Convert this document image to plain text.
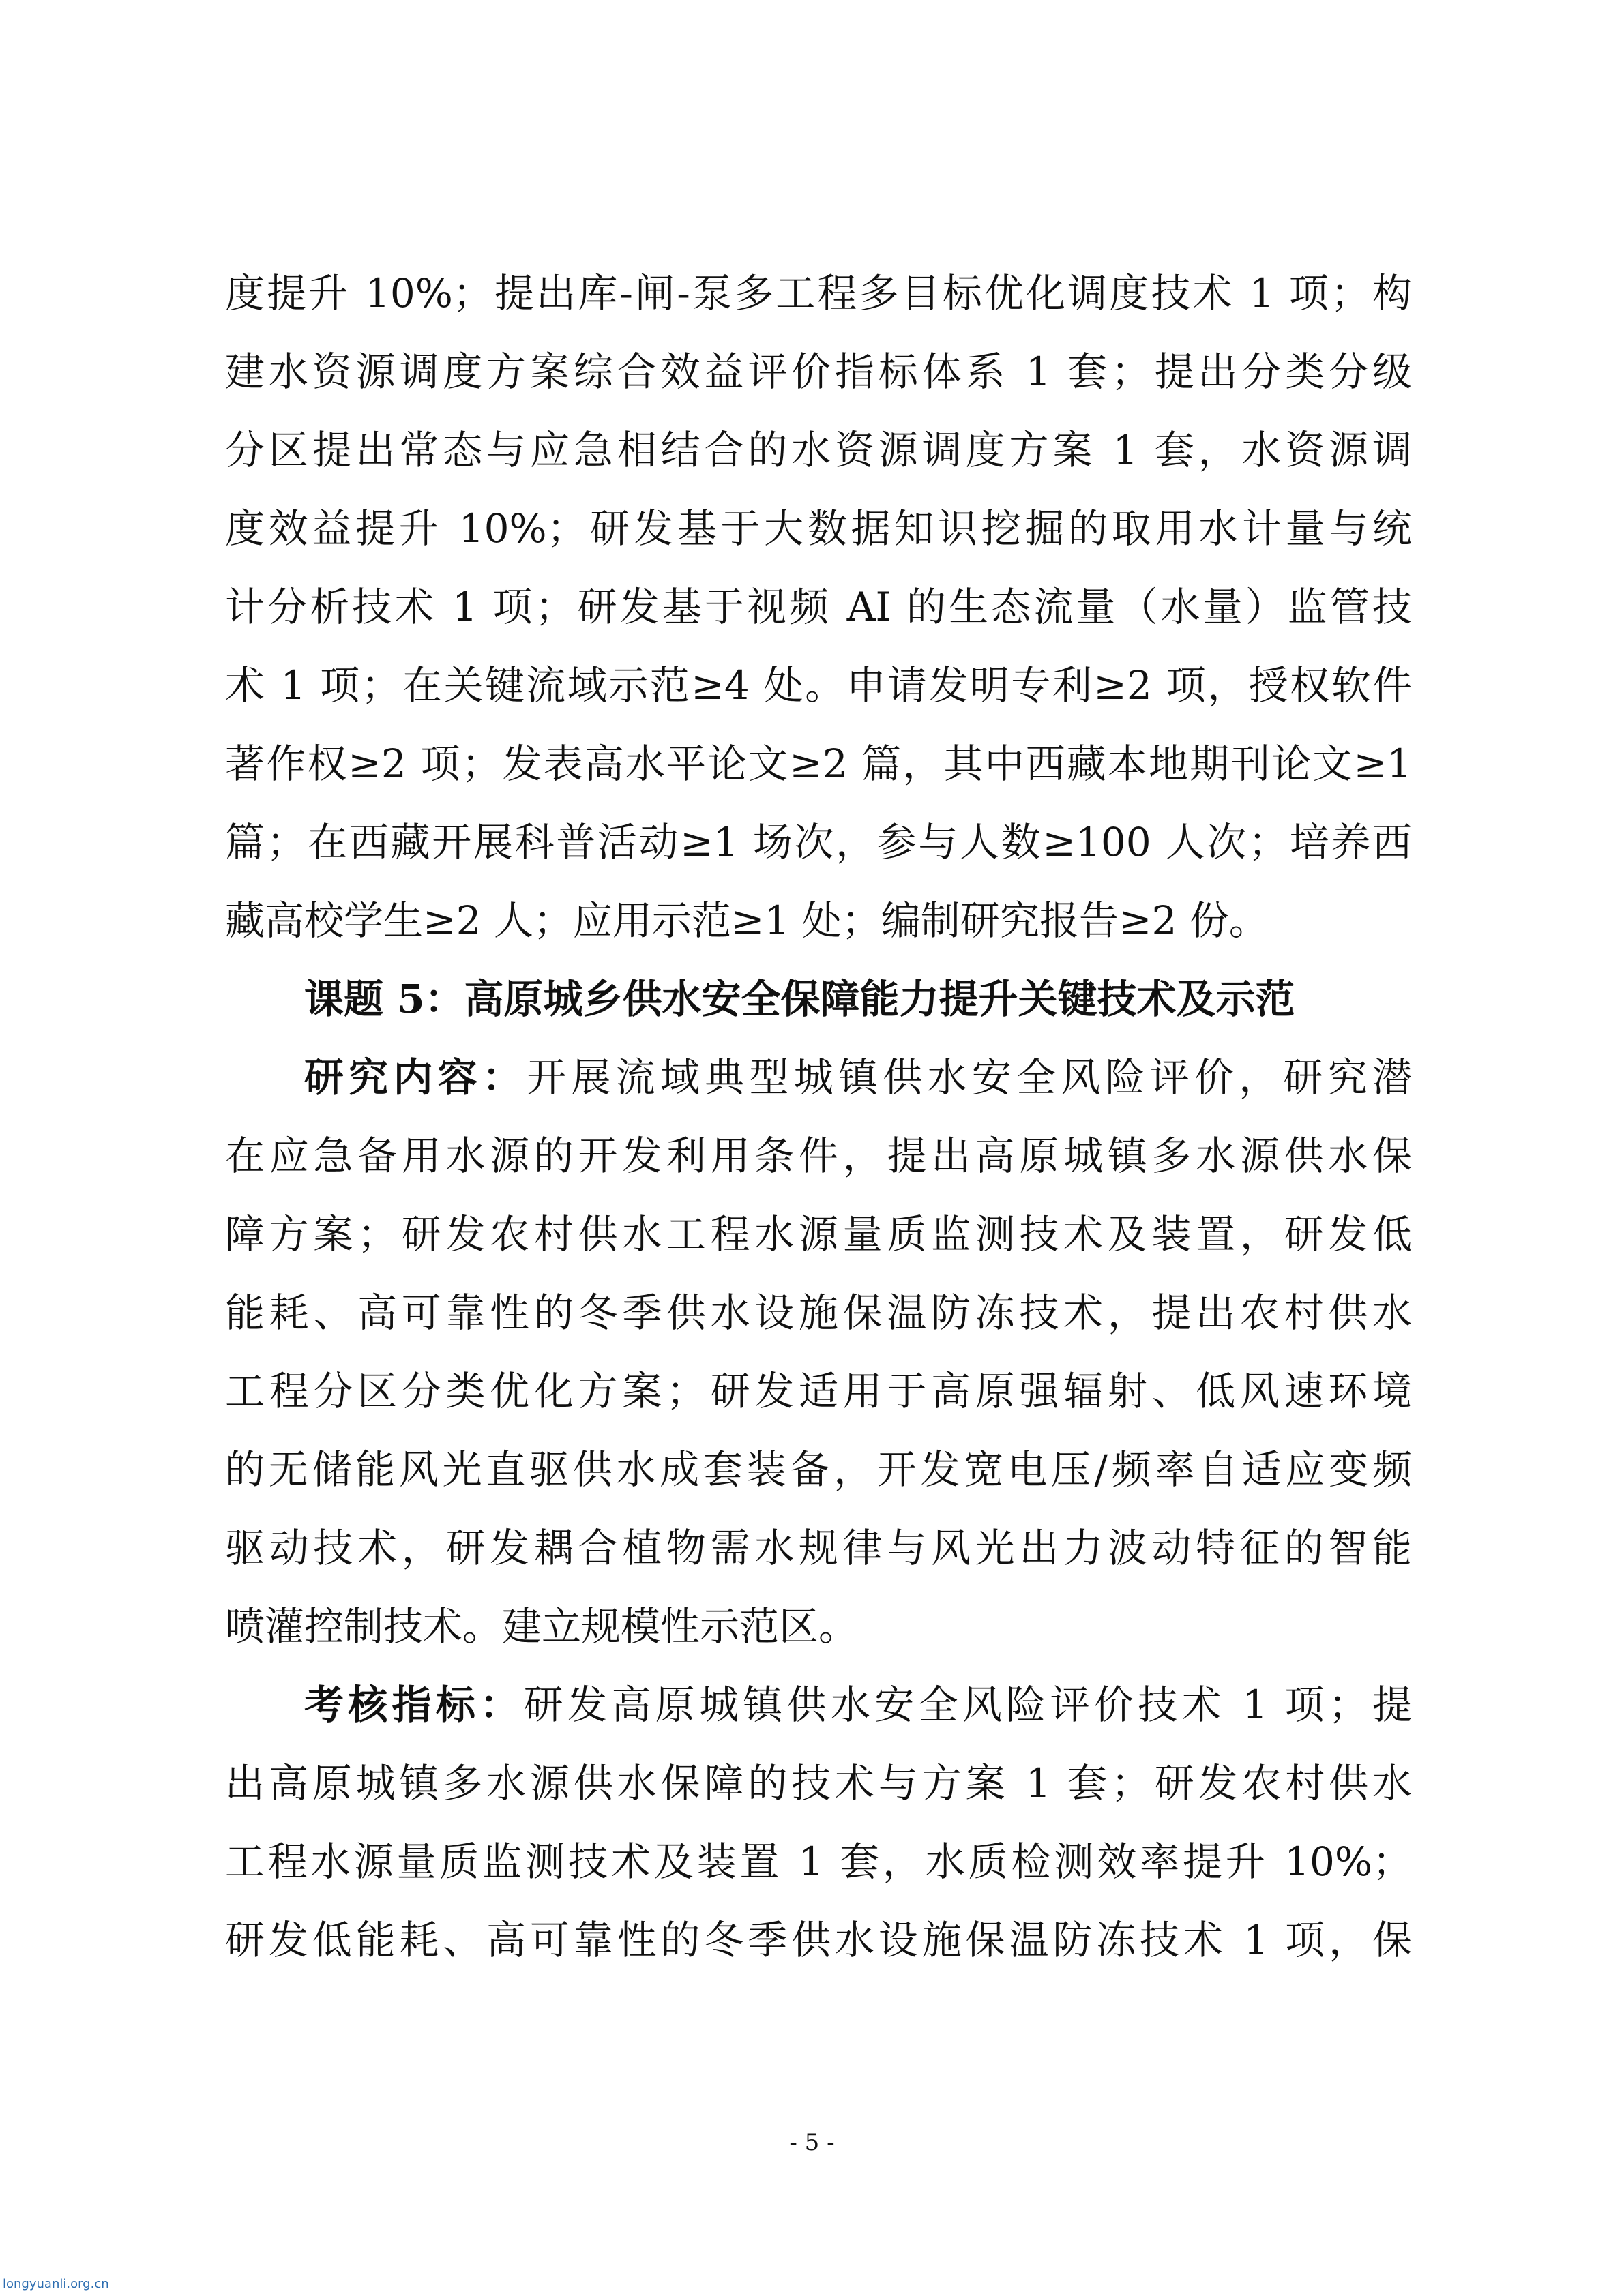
度提升 10%；提出库-闸-泵多工程多目标优化调度技术 1 项；构
建水资源调度方案综合效益评价指标体系 1 套；提出分类分级
分区提出常态与应急相结合的水资源调度方案 1 套，水资源调
度效益提升 10%；研发基于大数据知识挖掘的取用水计量与统
计分析技术 1 项；研发基于视频 AI 的生态流量（水量）监管技
术 1 项；在关键流域示范≥4 处。申请发明专利≥2 项，授权软件
著作权≥2 项；发表高水平论文≥2 篇，其中西藏本地期刊论文≥1
篇；在西藏开展科普活动≥1 场次，参与人数≥100 人次；培养西
藏高校学生≥2 人；应用示范≥1 处；编制研究报告≥2 份。
课题 5：高原城乡供水安全保障能力提升关键技术及示范
研究内容：开展流域典型城镇供水安全风险评价，研究潜
在应急备用水源的开发利用条件，提出高原城镇多水源供水保
障方案；研发农村供水工程水源量质监测技术及装置，研发低
能耗、高可靠性的冬季供水设施保温防冻技术，提出农村供水
工程分区分类优化方案；研发适用于高原强辐射、低风速环境
的无储能风光直驱供水成套装备，开发宽电压/频率自适应变频
驱动技术，研发耦合植物需水规律与风光出力波动特征的智能
喷灌控制技术。建立规模性示范区。
考核指标：研发高原城镇供水安全风险评价技术 1 项；提
出高原城镇多水源供水保障的技术与方案 1 套；研发农村供水
工程水源量质监测技术及装置 1 套，水质检测效率提升 10%；
研发低能耗、高可靠性的冬季供水设施保温防冻技术 1 项，保
- 5 -
longyuanli.org.cn
